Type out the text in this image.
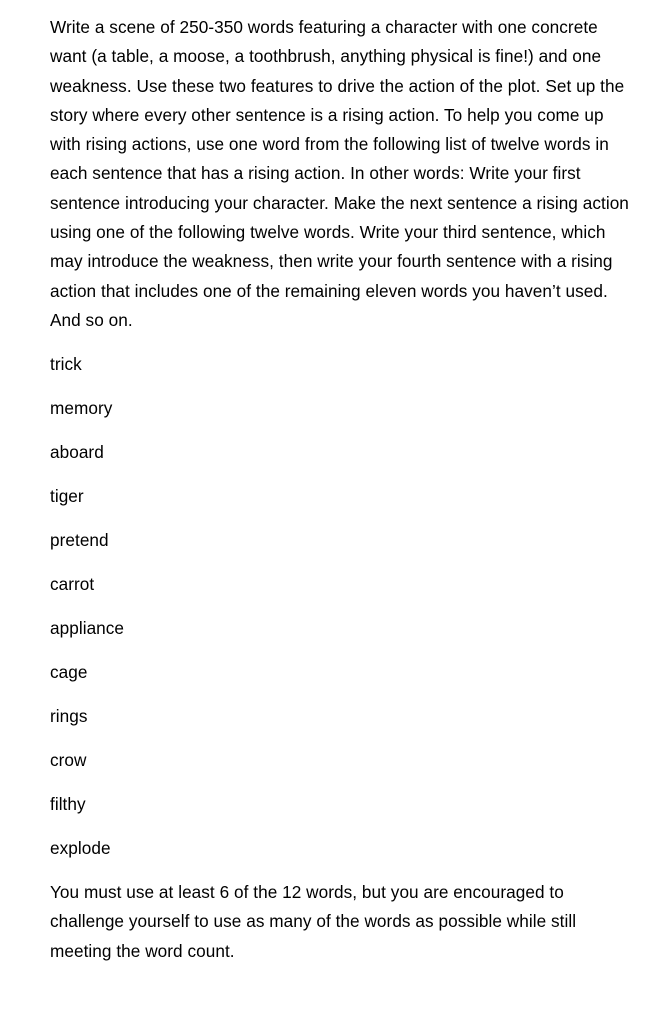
Write a scene of 250-350 words featuring a character with one concrete want (a table, a moose, a toothbrush, anything physical is fine!) and one weakness. Use these two features to drive the action of the plot. Set up the story where every other sentence is a rising action. To help you come up with rising actions, use one word from the following list of twelve words in each sentence that has a rising action. In other words: Write your first sentence introducing your character. Make the next sentence a rising action using one of the following twelve words. Write your third sentence, which may introduce the weakness, then write your fourth sentence with a rising action that includes one of the remaining eleven words you haven’t used. And so on.

trick
memory
aboard
tiger
pretend
carrot
appliance
cage
rings
crow
filthy
explode

You must use at least 6 of the 12 words, but you are encouraged to challenge yourself to use as many of the words as possible while still meeting the word count.
